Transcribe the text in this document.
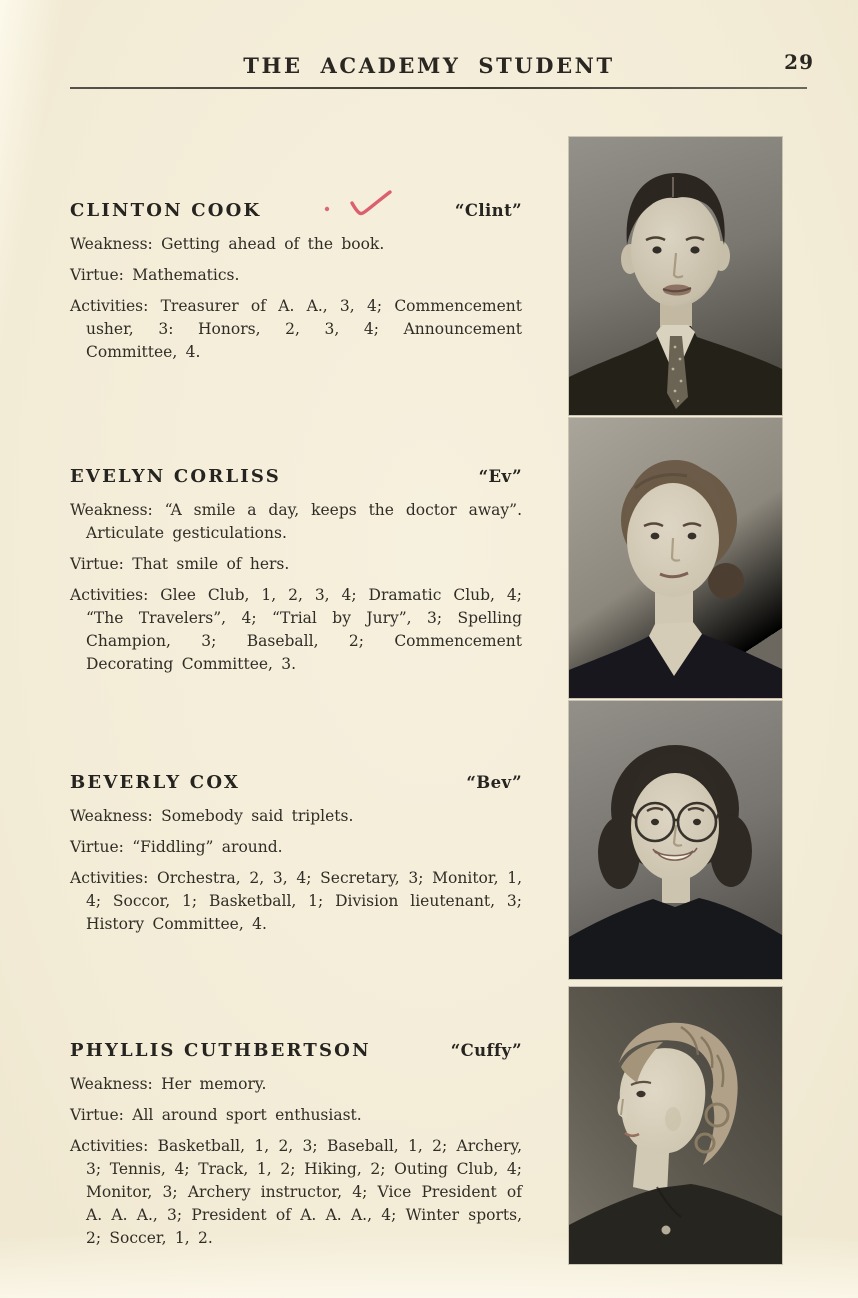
THE ACADEMY STUDENT	29
CLINTON COOK	“Clint”

Weakness: Getting ahead of the book.

Virtue: Mathematics.

Activities: Treasurer of A. A., 3, 4; Commencement usher, 3: Honors, 2, 3, 4; Announcement Committee, 4.

EVELYN CORLISS	“Ev”

Weakness: “A smile a day, keeps the doctor away”. Articulate gesticulations.

Virtue: That smile of hers.

Activities: Glee Club, 1, 2, 3, 4; Dramatic Club, 4; “The Travelers”, 4; “Trial by Jury”, 3; Spelling Champion, 3; Baseball, 2; Commencement Decorating Committee, 3.

BEVERLY COX	“Bev”

Weakness: Somebody said triplets.

Virtue: “Fiddling” around.

Activities: Orchestra, 2, 3, 4; Secretary, 3; Monitor, 1, 4; Soccor, 1; Basketball, 1; Division lieutenant, 3; History Committee, 4.

PHYLLIS CUTHBERTSON	“Cuffy”

Weakness: Her memory.

Virtue: All around sport enthusiast.

Activities: Basketball, 1, 2, 3; Baseball, 1, 2; Archery, 3; Tennis, 4; Track, 1, 2; Hiking, 2; Outing Club, 4; Monitor, 3; Archery instructor, 4; Vice President of A. A. A., 3; President of A. A. A., 4; Winter sports, 2; Soccer, 1, 2.
